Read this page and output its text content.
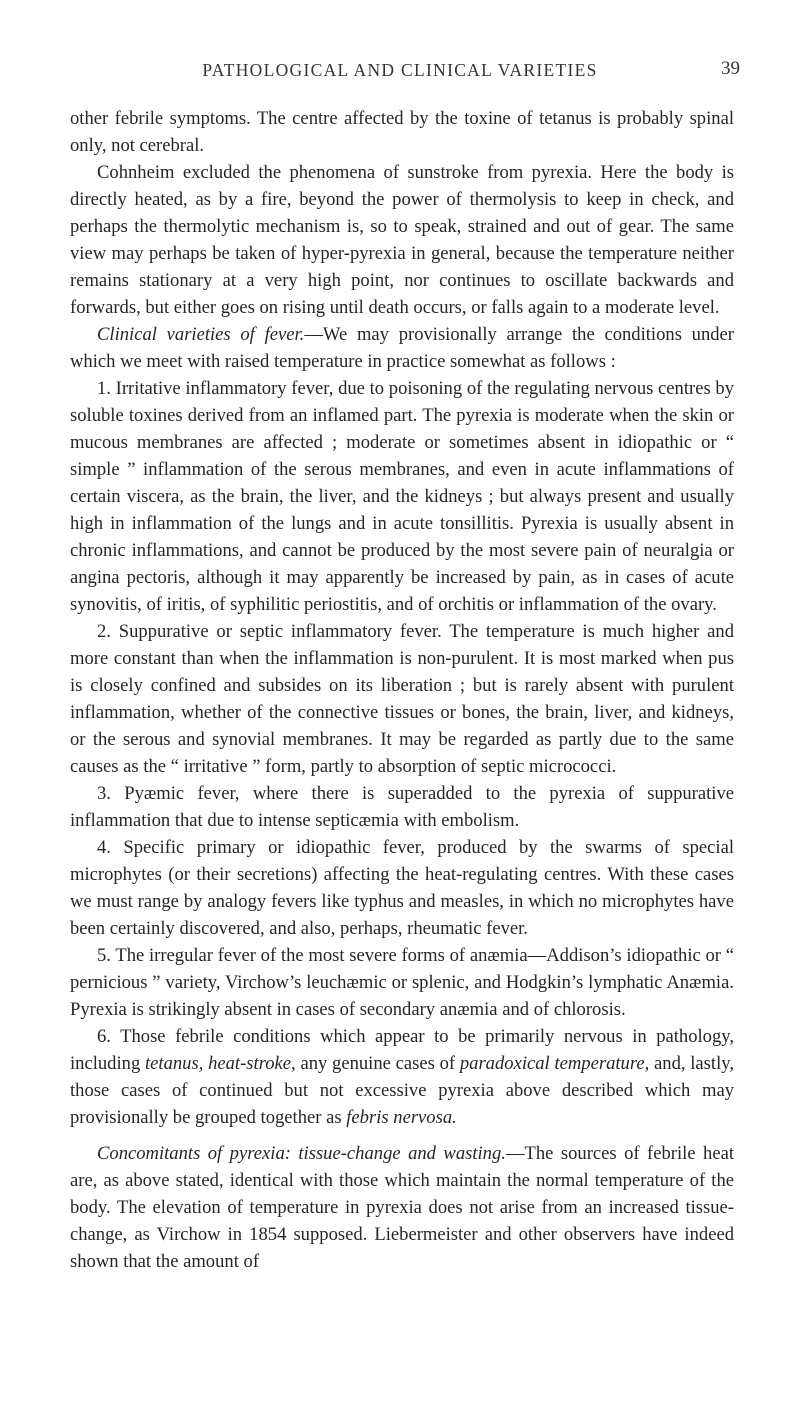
PATHOLOGICAL AND CLINICAL VARIETIES	39

other febrile symptoms. The centre affected by the toxine of tetanus is probably spinal only, not cerebral.

Cohnheim excluded the phenomena of sunstroke from pyrexia. Here the body is directly heated, as by a fire, beyond the power of thermolysis to keep in check, and perhaps the thermolytic mechanism is, so to speak, strained and out of gear. The same view may perhaps be taken of hyper-pyrexia in general, because the temperature neither remains stationary at a very high point, nor continues to oscillate backwards and forwards, but either goes on rising until death occurs, or falls again to a moderate level.

Clinical varieties of fever.—We may provisionally arrange the conditions under which we meet with raised temperature in practice somewhat as follows :

1. Irritative inflammatory fever, due to poisoning of the regulating nervous centres by soluble toxines derived from an inflamed part. The pyrexia is moderate when the skin or mucous membranes are affected ; moderate or sometimes absent in idiopathic or “ simple ” inflammation of the serous membranes, and even in acute inflammations of certain viscera, as the brain, the liver, and the kidneys ; but always present and usually high in inflammation of the lungs and in acute tonsillitis. Pyrexia is usually absent in chronic inflammations, and cannot be produced by the most severe pain of neuralgia or angina pectoris, although it may apparently be increased by pain, as in cases of acute synovitis, of iritis, of syphilitic periostitis, and of orchitis or inflammation of the ovary.

2. Suppurative or septic inflammatory fever. The temperature is much higher and more constant than when the inflammation is non-purulent. It is most marked when pus is closely confined and subsides on its liberation ; but is rarely absent with purulent inflammation, whether of the connective tissues or bones, the brain, liver, and kidneys, or the serous and synovial membranes. It may be regarded as partly due to the same causes as the “ irritative ” form, partly to absorption of septic micrococci.

3. Pyæmic fever, where there is superadded to the pyrexia of suppurative inflammation that due to intense septicæmia with embolism.

4. Specific primary or idiopathic fever, produced by the swarms of special microphytes (or their secretions) affecting the heat-regulating centres. With these cases we must range by analogy fevers like typhus and measles, in which no microphytes have been certainly discovered, and also, perhaps, rheumatic fever.

5. The irregular fever of the most severe forms of anæmia—Addison’s idiopathic or “ pernicious ” variety, Virchow’s leuchæmic or splenic, and Hodgkin’s lymphatic Anæmia. Pyrexia is strikingly absent in cases of secondary anæmia and of chlorosis.

6. Those febrile conditions which appear to be primarily nervous in pathology, including tetanus, heat-stroke, any genuine cases of paradoxical temperature, and, lastly, those cases of continued but not excessive pyrexia above described which may provisionally be grouped together as febris nervosa.

Concomitants of pyrexia: tissue-change and wasting.—The sources of febrile heat are, as above stated, identical with those which maintain the normal temperature of the body. The elevation of temperature in pyrexia does not arise from an increased tissue-change, as Virchow in 1854 supposed. Liebermeister and other observers have indeed shown that the amount of
